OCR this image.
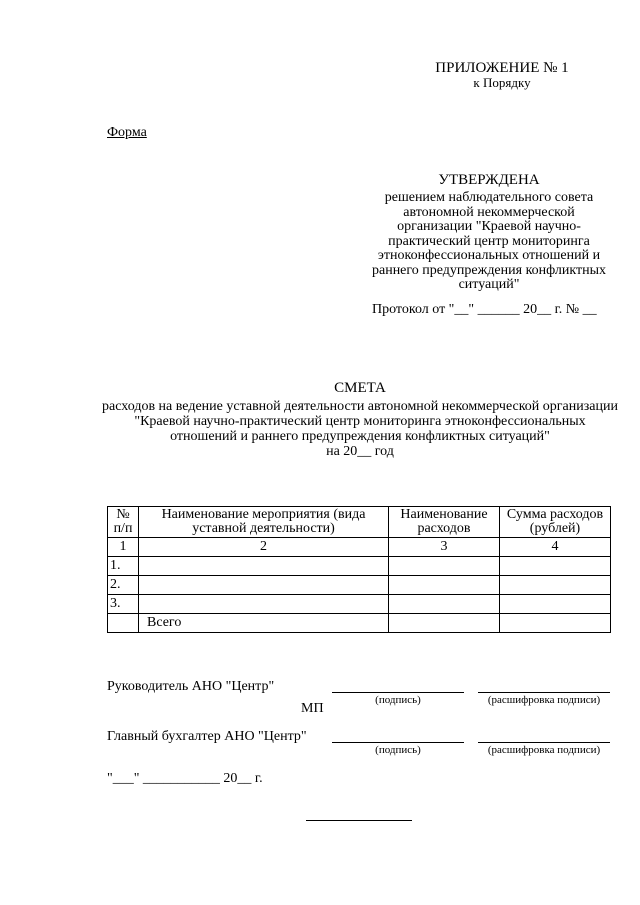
ПРИЛОЖЕНИЕ № 1
к Порядку
Форма
УТВЕРЖДЕНА
решением наблюдательного совета автономной некоммерческой организации "Краевой научно-практический центр мониторинга этноконфессиональных отношений и раннего предупреждения конфликтных ситуаций"
Протокол от "__" ______ 20__ г. № __
СМЕТА
расходов на ведение уставной деятельности автономной некоммерческой организации "Краевой научно-практический центр мониторинга этноконфессиональных отношений и раннего предупреждения конфликтных ситуаций"
на 20__ год
№ п/п	Наименование мероприятия (вида уставной деятельности)	Наименование расходов	Сумма расходов (рублей)
1	2	3	4
1.			
2.			
3.			
	Всего		
Руководитель АНО "Центр"
(подпись)	(расшифровка подписи)
МП
Главный бухгалтер АНО "Центр"
(подпись)	(расшифровка подписи)
"___" ___________ 20__ г.
